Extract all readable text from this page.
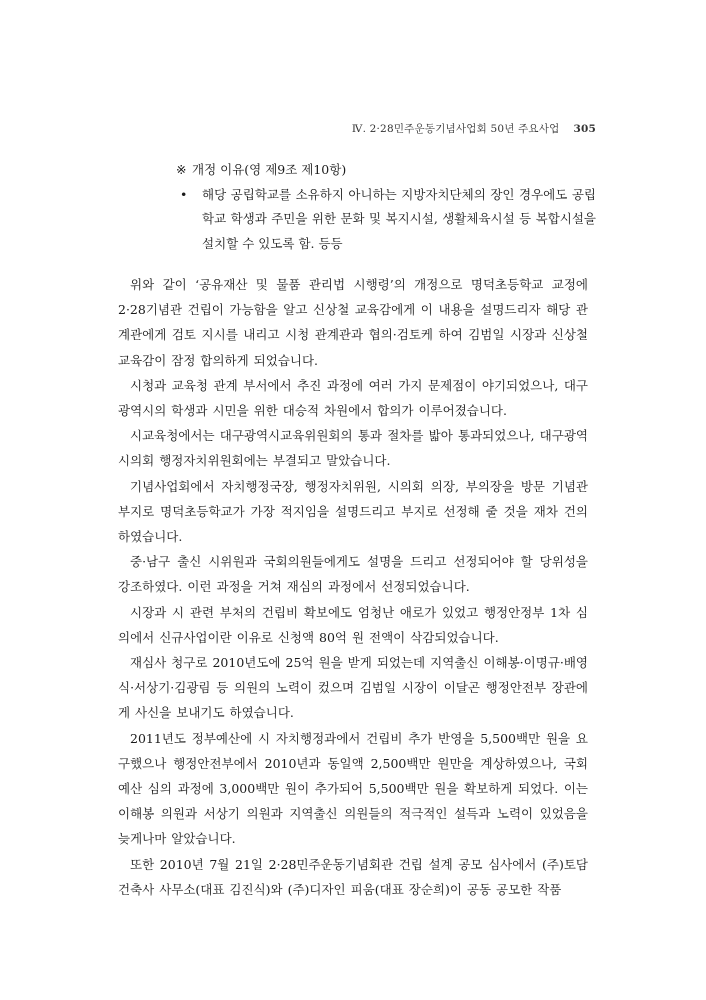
Ⅳ. 2·28민주운동기념사업회 50년 주요사업 305
※ 개정 이유(영 제9조 제10항)
• 해당 공립학교를 소유하지 아니하는 지방자치단체의 장인 경우에도 공립학교 학생과 주민을 위한 문화 및 복지시설, 생활체육시설 등 복합시설을 설치할 수 있도록 함. 등등

위와 같이 ‘공유재산 및 물품 관리법 시행령’의 개정으로 명덕초등학교 교정에 2·28기념관 건립이 가능함을 알고 신상철 교육감에게 이 내용을 설명드리자 해당 관계관에게 검토 지시를 내리고 시청 관계관과 협의·검토케 하여 김범일 시장과 신상철 교육감이 잠정 합의하게 되었습니다.

시청과 교육청 관계 부서에서 추진 과정에 여러 가지 문제점이 야기되었으나, 대구광역시의 학생과 시민을 위한 대승적 차원에서 합의가 이루어졌습니다.

시교육청에서는 대구광역시교육위원회의 통과 절차를 밟아 통과되었으나, 대구광역시의회 행정자치위원회에는 부결되고 말았습니다.

기념사업회에서 자치행정국장, 행정자치위원, 시의회 의장, 부의장을 방문 기념관 부지로 명덕초등학교가 가장 적지임을 설명드리고 부지로 선정해 줄 것을 재차 건의하였습니다.

중·남구 출신 시위원과 국회의원들에게도 설명을 드리고 선정되어야 할 당위성을 강조하였다. 이런 과정을 거쳐 재심의 과정에서 선정되었습니다.

시장과 시 관련 부처의 건립비 확보에도 엄청난 애로가 있었고 행정안정부 1차 심의에서 신규사업이란 이유로 신청액 80억 원 전액이 삭감되었습니다.

재심사 청구로 2010년도에 25억 원을 받게 되었는데 지역출신 이해봉·이명규·배영식·서상기·김광림 등 의원의 노력이 컸으며 김범일 시장이 이달곤 행정안전부 장관에게 사신을 보내기도 하였습니다.

2011년도 정부예산에 시 자치행정과에서 건립비 추가 반영을 5,500백만 원을 요구했으나 행정안전부에서 2010년과 동일액 2,500백만 원만을 계상하였으나, 국회 예산 심의 과정에 3,000백만 원이 추가되어 5,500백만 원을 확보하게 되었다. 이는 이해봉 의원과 서상기 의원과 지역출신 의원들의 적극적인 설득과 노력이 있었음을 늦게나마 알았습니다.

또한 2010년 7월 21일 2·28민주운동기념회관 건립 설계 공모 심사에서 (주)토담건축사 사무소(대표 김진식)와 (주)디자인 피움(대표 장순희)이 공동 공모한 작품
